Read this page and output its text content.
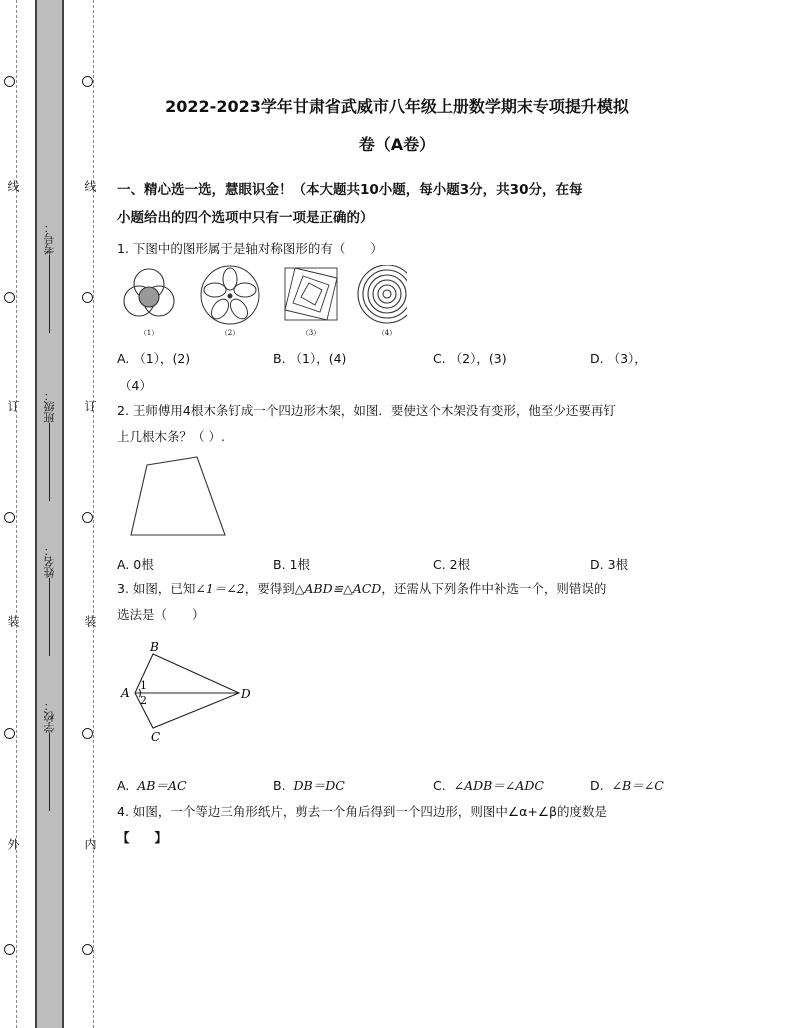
线
订
装
外
线
订
装
内
考号：
班级：
姓名：
学校：
2022-2023学年甘肃省武威市八年级上册数学期末专项提升模拟
卷（A卷）
一、精心选一选，慧眼识金！（本大题共10小题，每小题3分，共30分，在每
小题给出的四个选项中只有一项是正确的）
1. 下图中的图形属于是轴对称图形的有（　　）
（1）	（2）	（3）	（4）
A. （1），(2)	B. （1），(4)	C. （2），(3)	D. （3），
（4）
2. 王师傅用4根木条钉成一个四边形木架，如图．要使这个木架没有变形，他至少还要再钉
上几根木条？（ ）.
A. 0根	B. 1根	C. 2根	D. 3根
3. 如图，已知∠1＝∠2，要得到△ABD≌△ACD，还需从下列条件中补选一个，则错误的
选法是（　　）
A
B
C
D
1
2
A. AB＝AC	B. DB＝DC	C. ∠ADB＝∠ADC	D. ∠B＝∠C
4. 如图，一个等边三角形纸片，剪去一个角后得到一个四边形，则图中∠α+∠β的度数是
【　　】
